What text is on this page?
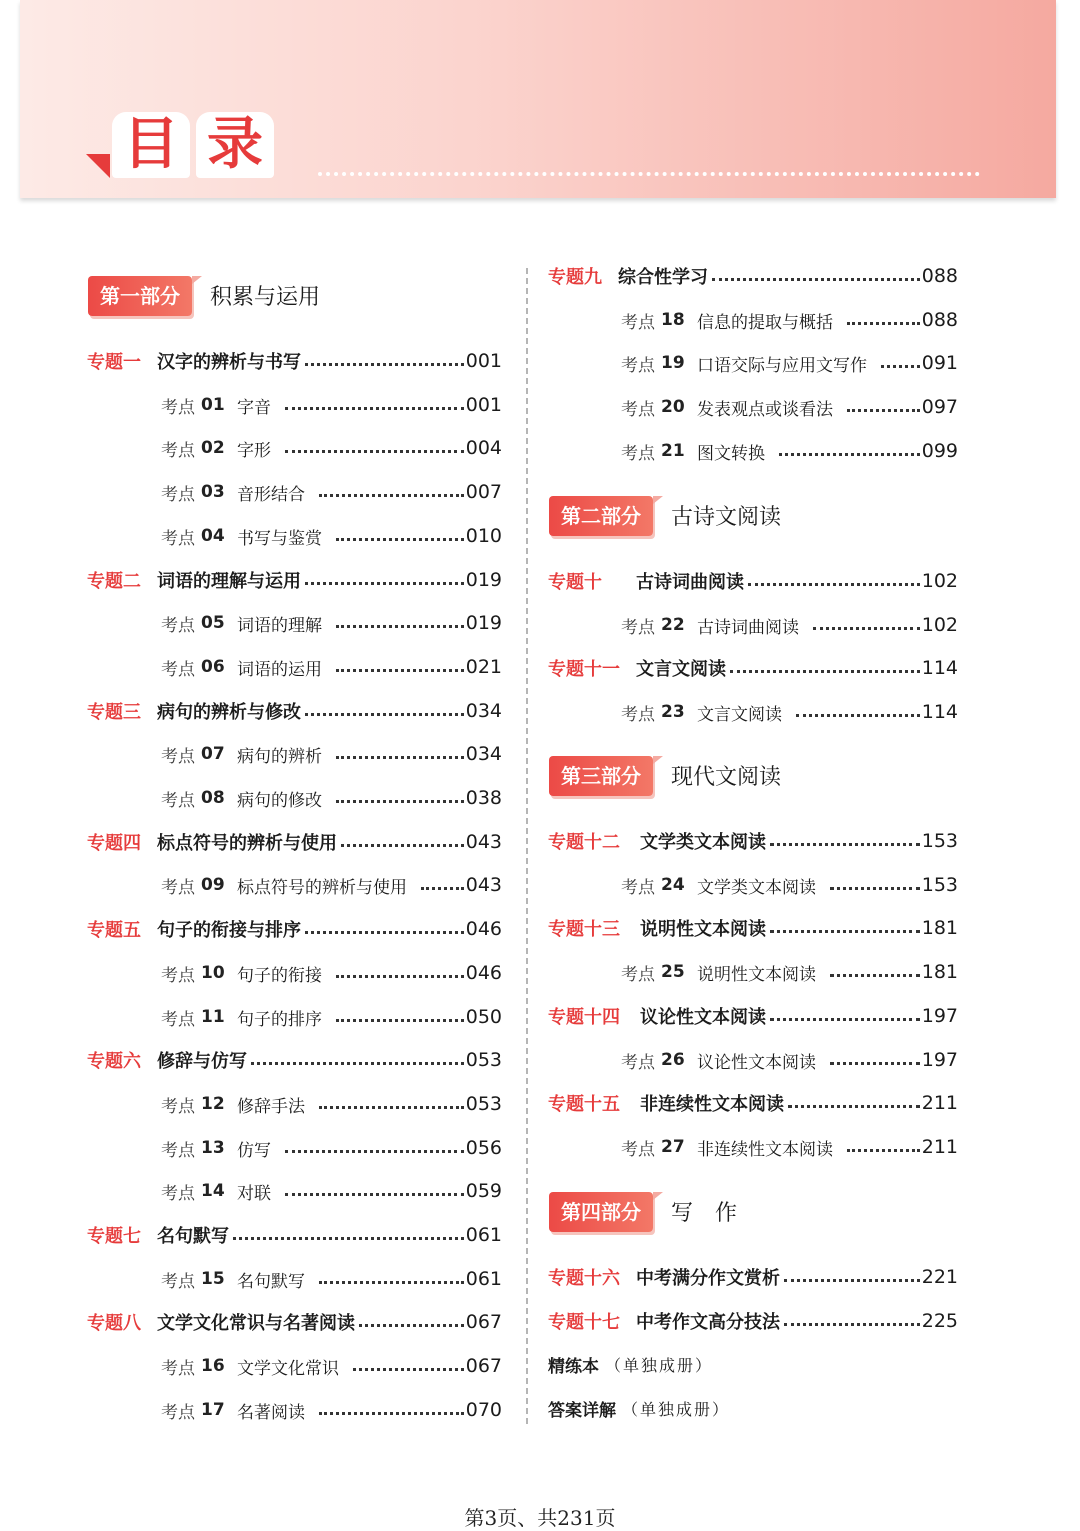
目 录
第一部分	积累与运用
第二部分	古诗文阅读
第三部分	现代文阅读
第四部分	写　作
专题一 汉字的辨析与书写	001
考点 01 字音	001
考点 02 字形	004
考点 03 音形结合	007
考点 04 书写与鉴赏	010
专题二 词语的理解与运用	019
考点 05 词语的理解	019
考点 06 词语的运用	021
专题三 病句的辨析与修改	034
考点 07 病句的辨析	034
考点 08 病句的修改	038
专题四 标点符号的辨析与使用	043
考点 09 标点符号的辨析与使用	043
专题五 句子的衔接与排序	046
考点 10 句子的衔接	046
考点 11 句子的排序	050
专题六 修辞与仿写	053
考点 12 修辞手法	053
考点 13 仿写	056
考点 14 对联	059
专题七 名句默写	061
考点 15 名句默写	061
专题八 文学文化常识与名著阅读	067
考点 16 文学文化常识	067
考点 17 名著阅读	070
专题九 综合性学习	088
考点 18 信息的提取与概括	088
考点 19 口语交际与应用文写作	091
考点 20 发表观点或谈看法	097
考点 21 图文转换	099
专题十	古诗词曲阅读	102
考点 22 古诗词曲阅读	102
专题十一 文言文阅读	114
考点 23 文言文阅读	114
专题十二	文学类文本阅读	153
考点 24 文学类文本阅读	153
专题十三	说明性文本阅读	181
考点 25 说明性文本阅读	181
专题十四	议论性文本阅读	197
考点 26 议论性文本阅读	197
专题十五	非连续性文本阅读	211
考点 27 非连续性文本阅读	211
专题十六 中考满分作文赏析	221
专题十七 中考作文高分技法	225
精练本 （单独成册）
答案详解 （单独成册）
第3页、共231页
